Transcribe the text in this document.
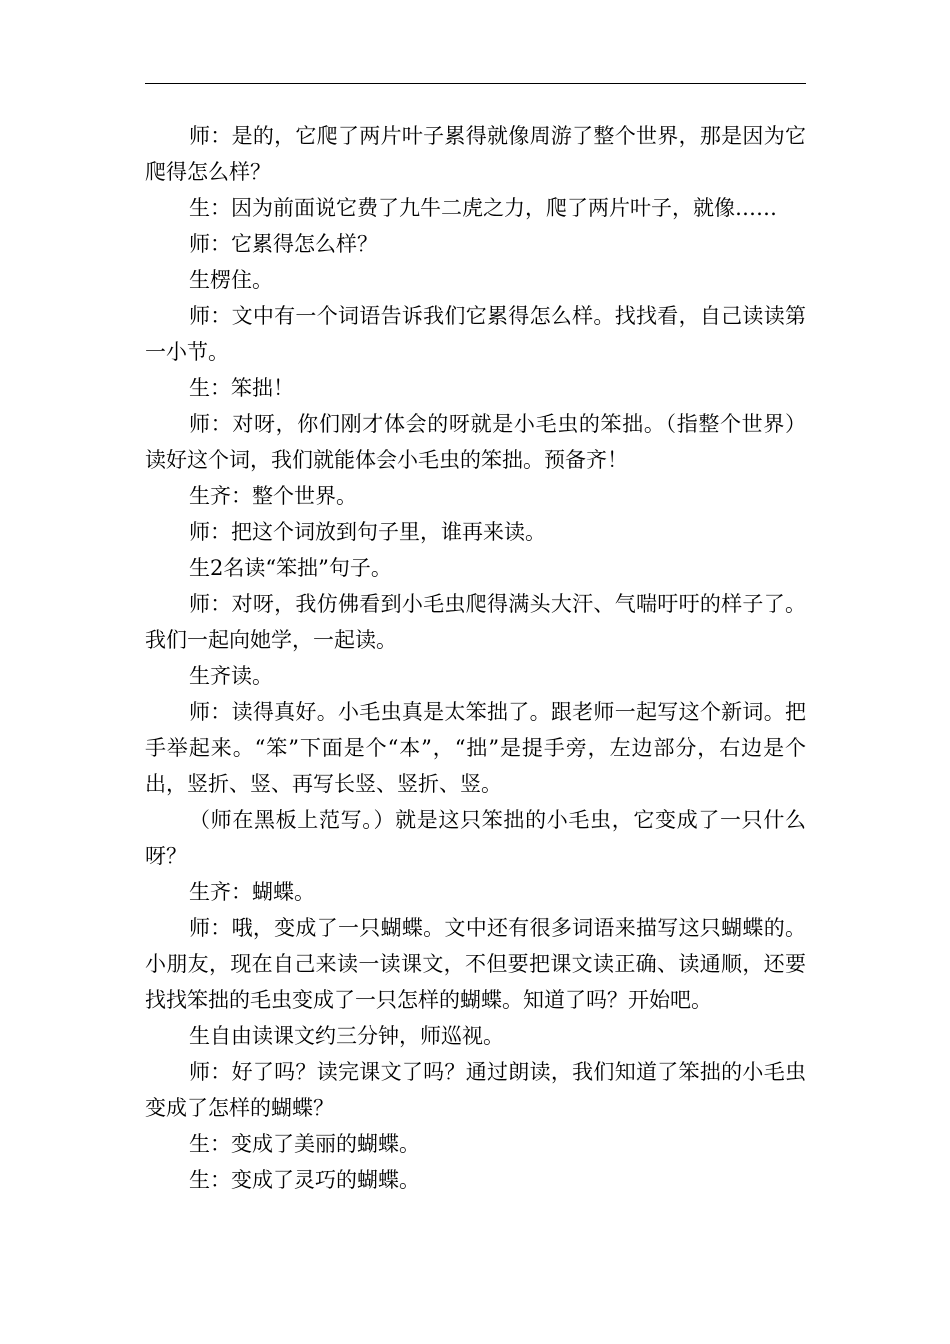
师：是的，它爬了两片叶子累得就像周游了整个世界，那是因为它爬得怎么样？

生：因为前面说它费了九牛二虎之力，爬了两片叶子，就像……

师：它累得怎么样？

生楞住。

师：文中有一个词语告诉我们它累得怎么样。找找看，自己读读第一小节。

生：笨拙！

师：对呀，你们刚才体会的呀就是小毛虫的笨拙。（指整个世界）读好这个词，我们就能体会小毛虫的笨拙。预备齐！

生齐：整个世界。

师：把这个词放到句子里，谁再来读。

生2名读“笨拙”句子。

师：对呀，我仿佛看到小毛虫爬得满头大汗、气喘吁吁的样子了。我们一起向她学，一起读。

生齐读。

师：读得真好。小毛虫真是太笨拙了。跟老师一起写这个新词。把手举起来。“笨”下面是个“本”，“拙”是提手旁，左边部分，右边是个出，竖折、竖、再写长竖、竖折、竖。

（师在黑板上范写。）就是这只笨拙的小毛虫，它变成了一只什么呀？

生齐：蝴蝶。

师：哦，变成了一只蝴蝶。文中还有很多词语来描写这只蝴蝶的。小朋友，现在自己来读一读课文，不但要把课文读正确、读通顺，还要找找笨拙的毛虫变成了一只怎样的蝴蝶。知道了吗？开始吧。

生自由读课文约三分钟，师巡视。

师：好了吗？读完课文了吗？通过朗读，我们知道了笨拙的小毛虫变成了怎样的蝴蝶？

生：变成了美丽的蝴蝶。

生：变成了灵巧的蝴蝶。
